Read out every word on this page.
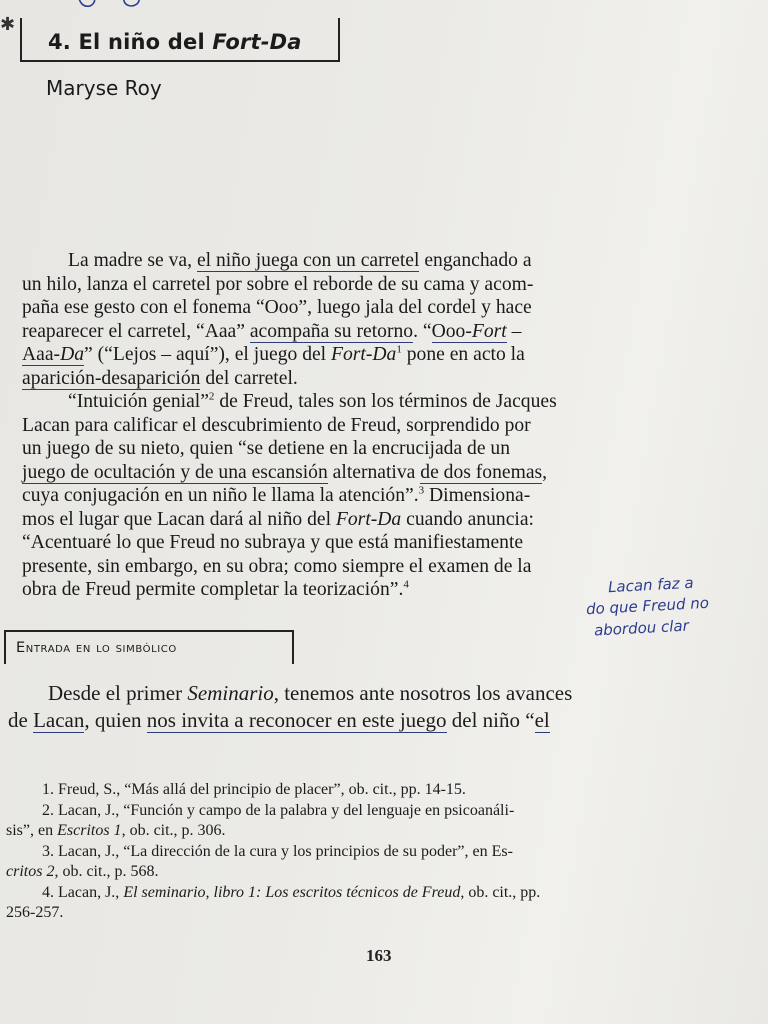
✱
4. El niño del Fort-Da
Maryse Roy

La madre se va, el niño juega con un carretel enganchado a
un hilo, lanza el carretel por sobre el reborde de su cama y acom-
paña ese gesto con el fonema “Ooo”, luego jala del cordel y hace
reaparecer el carretel, “Aaa” acompaña su retorno. “Ooo-Fort –
Aaa-Da” (“Lejos – aquí”), el juego del Fort-Da$^1$ pone en acto la
aparición-desaparición del carretel.

“Intuición genial”$^2$ de Freud, tales son los términos de Jacques
Lacan para calificar el descubrimiento de Freud, sorprendido por
un juego de su nieto, quien “se detiene en la encrucijada de un
juego de ocultación y de una escansión alternativa de dos fonemas,
cuya conjugación en un niño le llama la atención”.$^3$ Dimensiona-
mos el lugar que Lacan dará al niño del Fort-Da cuando anuncia:
“Acentuaré lo que Freud no subraya y que está manifiestamente
presente, sin embargo, en su obra; como siempre el examen de la
obra de Freud permite completar la teorización”.$^4$	Lacan faz a
do que Freud no
abordou clar
Entrada en lo simbólico
Desde el primer Seminario, tenemos ante nosotros los avances
de Lacan, quien nos invita a reconocer en este juego del niño “el
1. Freud, S., “Más allá del principio de placer”, ob. cit., pp. 14-15.
2. Lacan, J., “Función y campo de la palabra y del lenguaje en psicoanáli-
sis”, en Escritos 1, ob. cit., p. 306.
3. Lacan, J., “La dirección de la cura y los principios de su poder”, en Es-
critos 2, ob. cit., p. 568.
4. Lacan, J., El seminario, libro 1: Los escritos técnicos de Freud, ob. cit., pp.
256-257.
163
